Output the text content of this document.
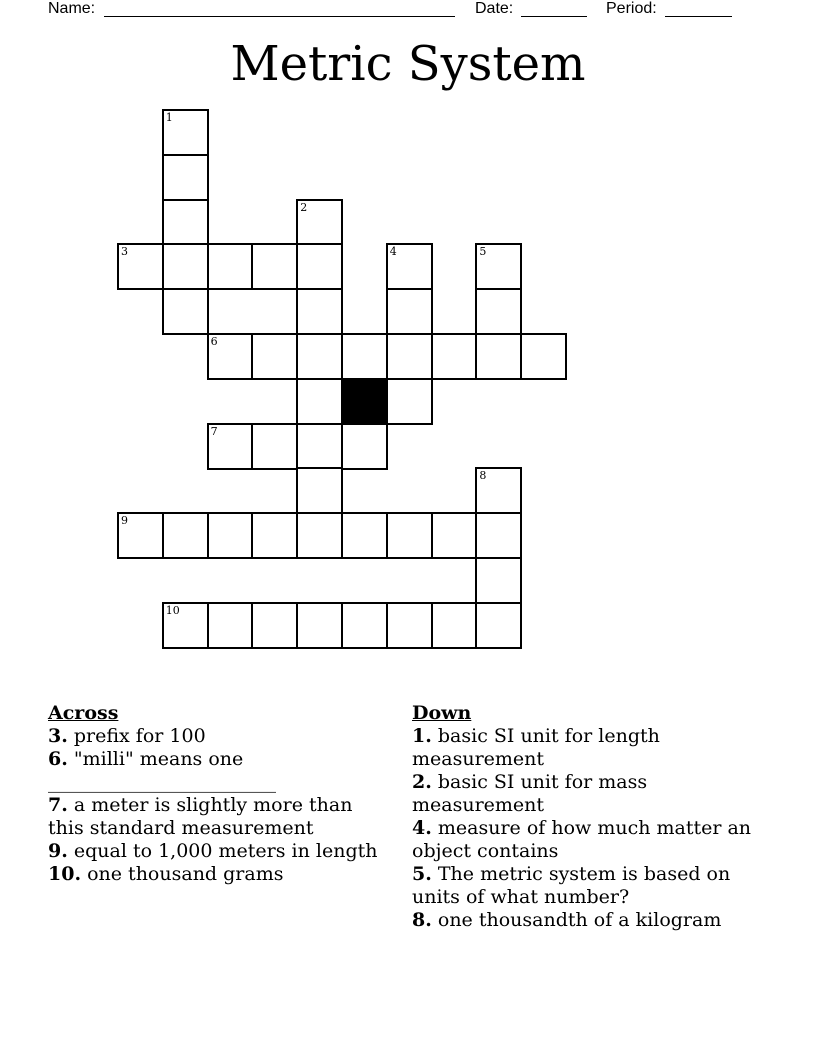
Name:	Date:	Period:
Metric System
1
2
3	4	5
6
7
8
9
10
Across
3. prefix for 100
6. "milli" means one ________________________
7. a meter is slightly more than this standard measurement
9. equal to 1,000 meters in length
10. one thousand grams
Down
1. basic SI unit for length measurement
2. basic SI unit for mass measurement
4. measure of how much matter an object contains
5. The metric system is based on units of what number?
8. one thousandth of a kilogram
